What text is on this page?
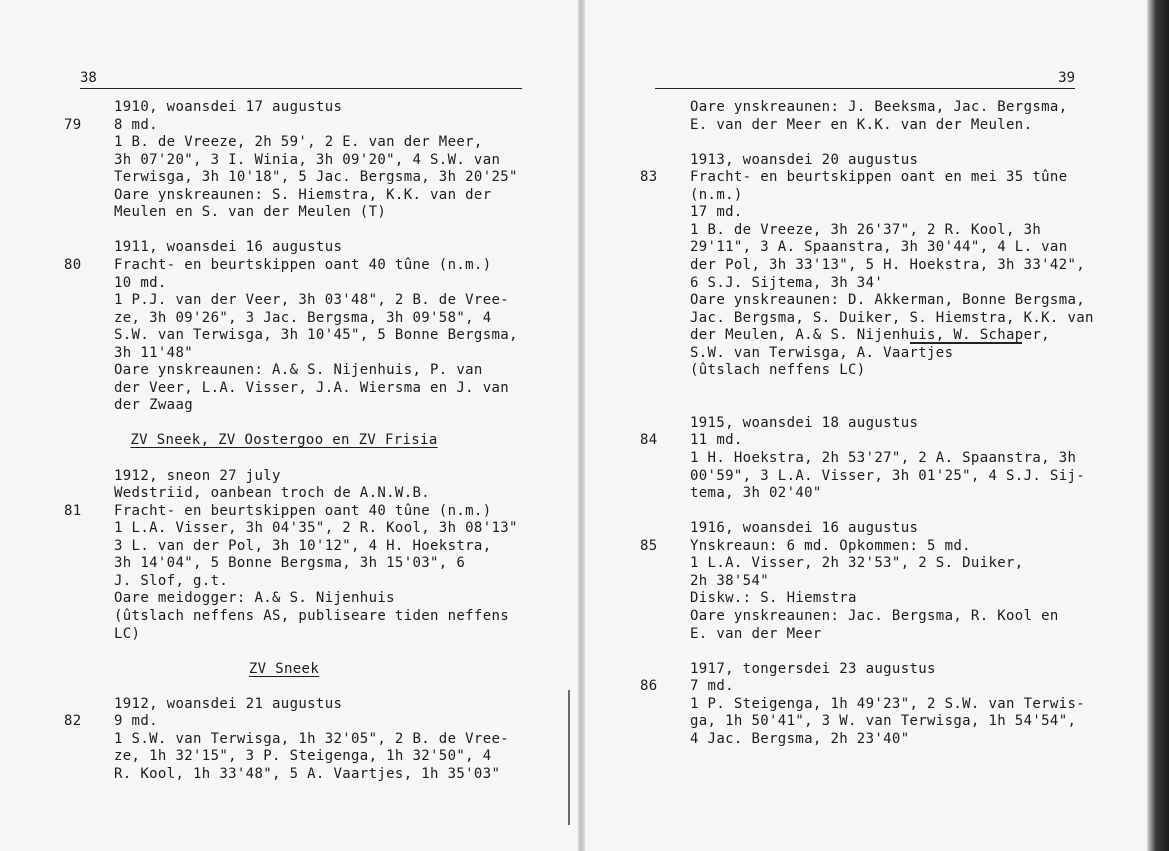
38	39
1910, woansdei 17 augustus
79	8 md.
1 B. de Vreeze, 2h 59', 2 E. van der Meer,
3h 07'20", 3 I. Winia, 3h 09'20", 4 S.W. van
Terwisga, 3h 10'18", 5 Jac. Bergsma, 3h 20'25"
Oare ynskreaunen: S. Hiemstra, K.K. van der
Meulen en S. van der Meulen (T)
1911, woansdei 16 augustus
80	Fracht- en beurtskippen oant 40 tûne (n.m.)
10 md.
1 P.J. van der Veer, 3h 03'48", 2 B. de Vree-
ze, 3h 09'26", 3 Jac. Bergsma, 3h 09'58", 4
S.W. van Terwisga, 3h 10'45", 5 Bonne Bergsma,
3h 11'48"
Oare ynskreaunen: A.& S. Nijenhuis, P. van
der Veer, L.A. Visser, J.A. Wiersma en J. van
der Zwaag
ZV Sneek, ZV Oostergoo en ZV Frisia
1912, sneon 27 july
Wedstriid, oanbean troch de A.N.W.B.
81	Fracht- en beurtskippen oant 40 tûne (n.m.)
1 L.A. Visser, 3h 04'35", 2 R. Kool, 3h 08'13"
3 L. van der Pol, 3h 10'12", 4 H. Hoekstra,
3h 14'04", 5 Bonne Bergsma, 3h 15'03", 6
J. Slof, g.t.
Oare meidogger: A.& S. Nijenhuis
(ûtslach neffens AS, publiseare tiden neffens
LC)
ZV Sneek
1912, woansdei 21 augustus
82	9 md.
1 S.W. van Terwisga, 1h 32'05", 2 B. de Vree-
ze, 1h 32'15", 3 P. Steigenga, 1h 32'50", 4
R. Kool, 1h 33'48", 5 A. Vaartjes, 1h 35'03"
Oare ynskreaunen: J. Beeksma, Jac. Bergsma,
E. van der Meer en K.K. van der Meulen.
1913, woansdei 20 augustus
83	Fracht- en beurtskippen oant en mei 35 tûne
(n.m.)
17 md.
1 B. de Vreeze, 3h 26'37", 2 R. Kool, 3h
29'11", 3 A. Spaanstra, 3h 30'44", 4 L. van
der Pol, 3h 33'13", 5 H. Hoekstra, 3h 33'42",
6 S.J. Sijtema, 3h 34'
Oare ynskreaunen: D. Akkerman, Bonne Bergsma,
Jac. Bergsma, S. Duiker, S. Hiemstra, K.K. van
der Meulen, A.& S. Nijenhuis, W. Schaper,
S.W. van Terwisga, A. Vaartjes
(ûtslach neffens LC)
1915, woansdei 18 augustus
84	11 md.
1 H. Hoekstra, 2h 53'27", 2 A. Spaanstra, 3h
00'59", 3 L.A. Visser, 3h 01'25", 4 S.J. Sij-
tema, 3h 02'40"
1916, woansdei 16 augustus
85	Ynskreaun: 6 md. Opkommen: 5 md.
1 L.A. Visser, 2h 32'53", 2 S. Duiker,
2h 38'54"
Diskw.: S. Hiemstra
Oare ynskreaunen: Jac. Bergsma, R. Kool en
E. van der Meer
1917, tongersdei 23 augustus
86	7 md.
1 P. Steigenga, 1h 49'23", 2 S.W. van Terwis-
ga, 1h 50'41", 3 W. van Terwisga, 1h 54'54",
4 Jac. Bergsma, 2h 23'40"
